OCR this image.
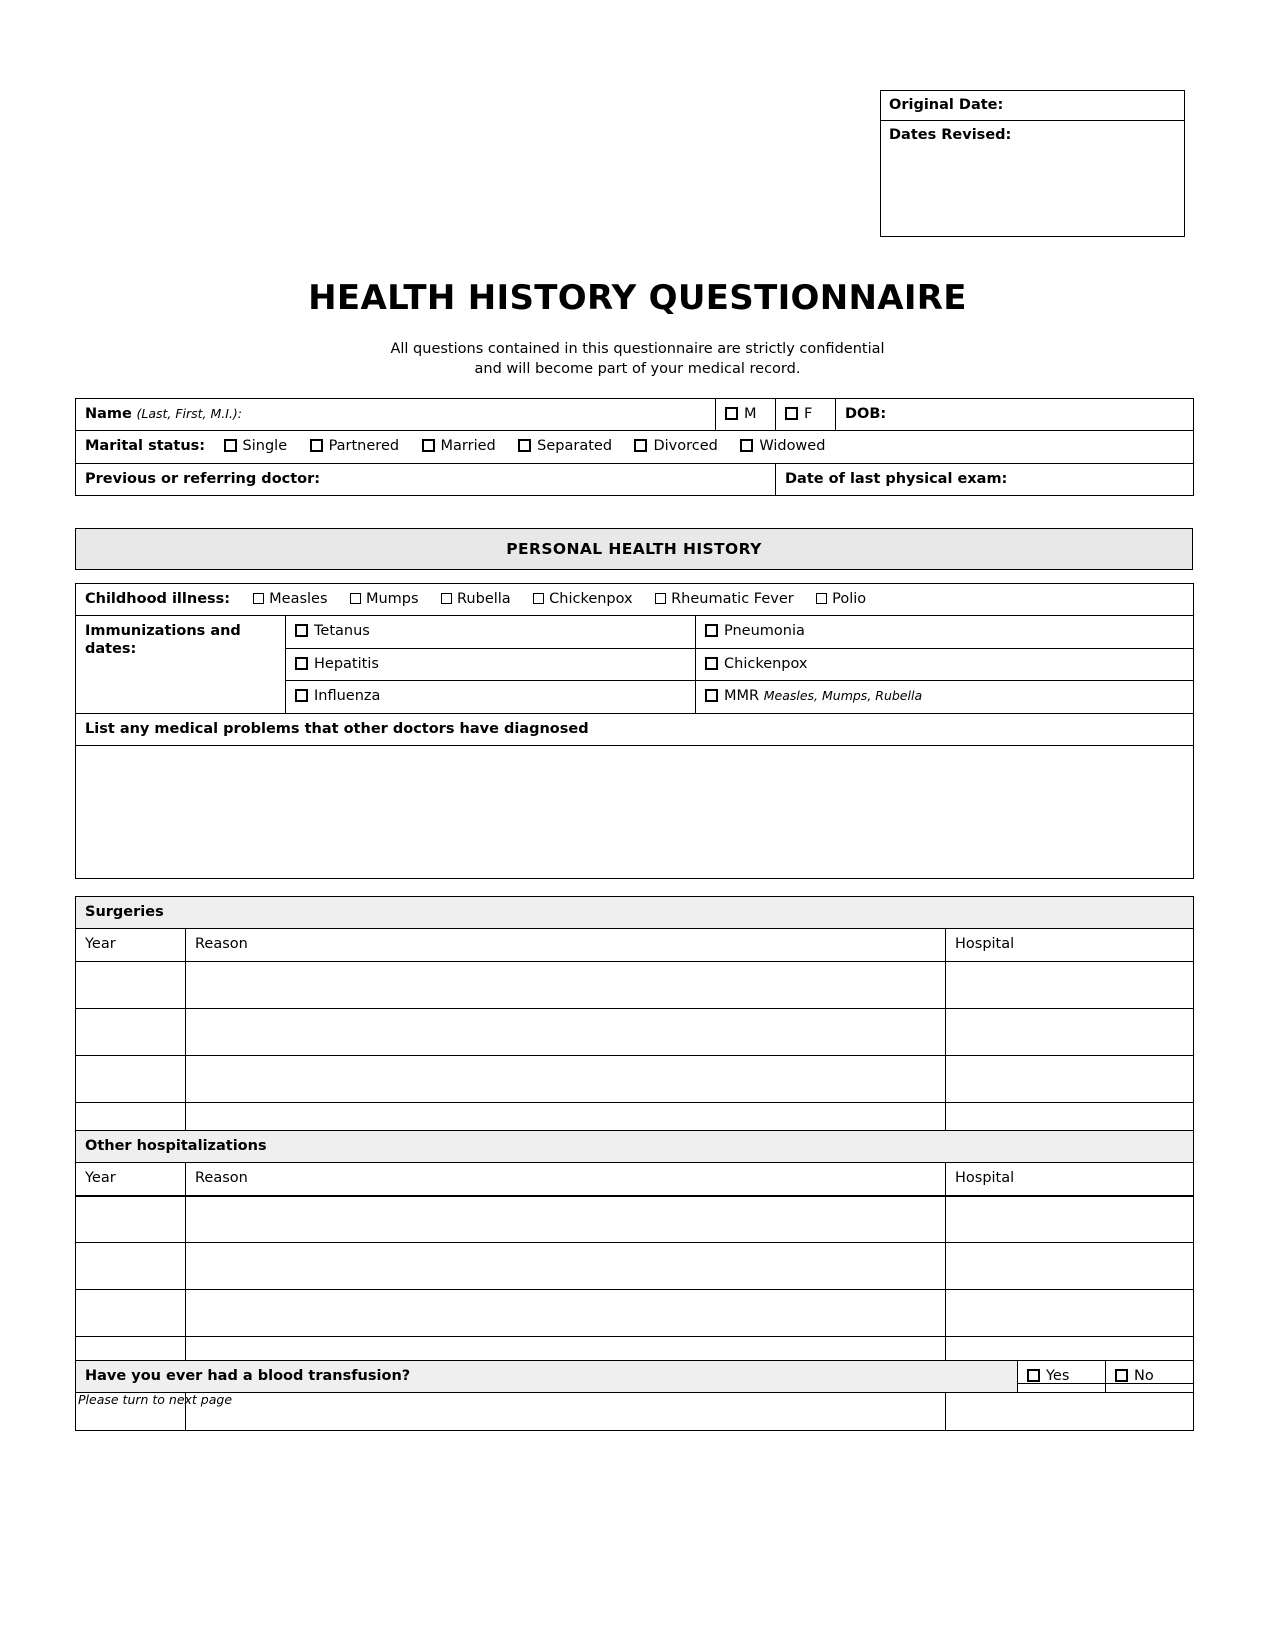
Original Date:
Dates Revised:
HEALTH HISTORY QUESTIONNAIRE
All questions contained in this questionnaire are strictly confidential
and will become part of your medical record.
Name (Last, First, M.I.):	M	F	DOB:
Marital status: Single Partnered Married Separated Divorced Widowed			
Previous or referring doctor:		Date of last physical exam:	
PERSONAL HEALTH HISTORY
Childhood illness: Measles Mumps Rubella Chickenpox Rheumatic Fever Polio		

Immunizations and
dates:	Tetanus	Pneumonia
	Hepatitis	Chickenpox
	Influenza	MMR Measles, Mumps, Rubella
List any medical problems that other doctors have diagnosed		

Surgeries		
Year	Reason	Hospital

Other hospitalizations		
Year	Reason	Hospital

Have you ever had a blood transfusion?	Yes	No
Please turn to next page
